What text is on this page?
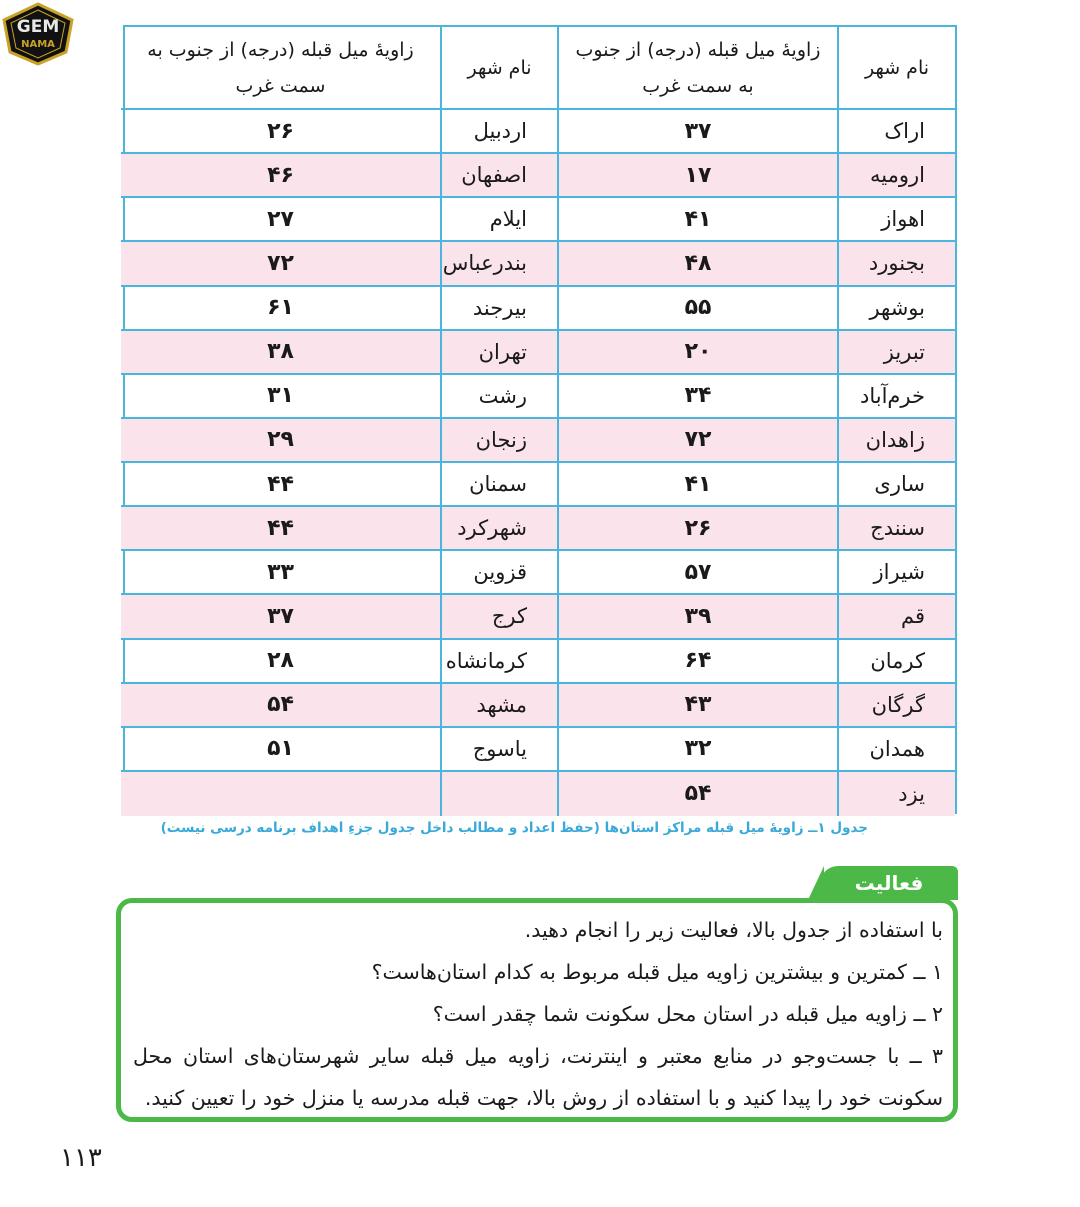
GEM
NAMA
نام شهر
زاویهٔ میل قبله (درجه) از جنوب به سمت غرب
نام شهر
زاویهٔ میل قبله (درجه) از جنوب به سمت غرب
اراک
۳۷
اردبیل
۲۶
ارومیه
۱۷
اصفهان
۴۶
اهواز
۴۱
ایلام
۲۷
بجنورد
۴۸
بندرعباس
۷۲
بوشهر
۵۵
بیرجند
۶۱
تبریز
۲۰
تهران
۳۸
خرم‌آباد
۳۴
رشت
۳۱
زاهدان
۷۲
زنجان
۲۹
ساری
۴۱
سمنان
۴۴
سنندج
۲۶
شهرکرد
۴۴
شیراز
۵۷
قزوین
۳۳
قم
۳۹
کرج
۳۷
کرمان
۶۴
کرمانشاه
۲۸
گرگان
۴۳
مشهد
۵۴
همدان
۳۲
یاسوج
۵۱
یزد
۵۴
جدول ۱ــ زاویهٔ میل قبله مراکز استان‌ها (حفظ اعداد و مطالب داخل جدول جزءِ اهداف برنامه درسی نیست)
فعالیت

با استفاده از جدول بالا، فعالیت زیر را انجام دهید.

۱ ــ کمترین و بیشترین زاویه میل قبله مربوط به کدام استان‌هاست؟

۲ ــ زاویه میل قبله در استان محل سکونت شما چقدر است؟

۳ ــ با جست‌وجو در منابع معتبر و اینترنت، زاویه میل قبله سایر شهرستان‌های استان محل سکونت خود را پیدا کنید و با استفاده از روش بالا، جهت قبله مدرسه یا منزل خود را تعیین کنید.

۱۱۳
